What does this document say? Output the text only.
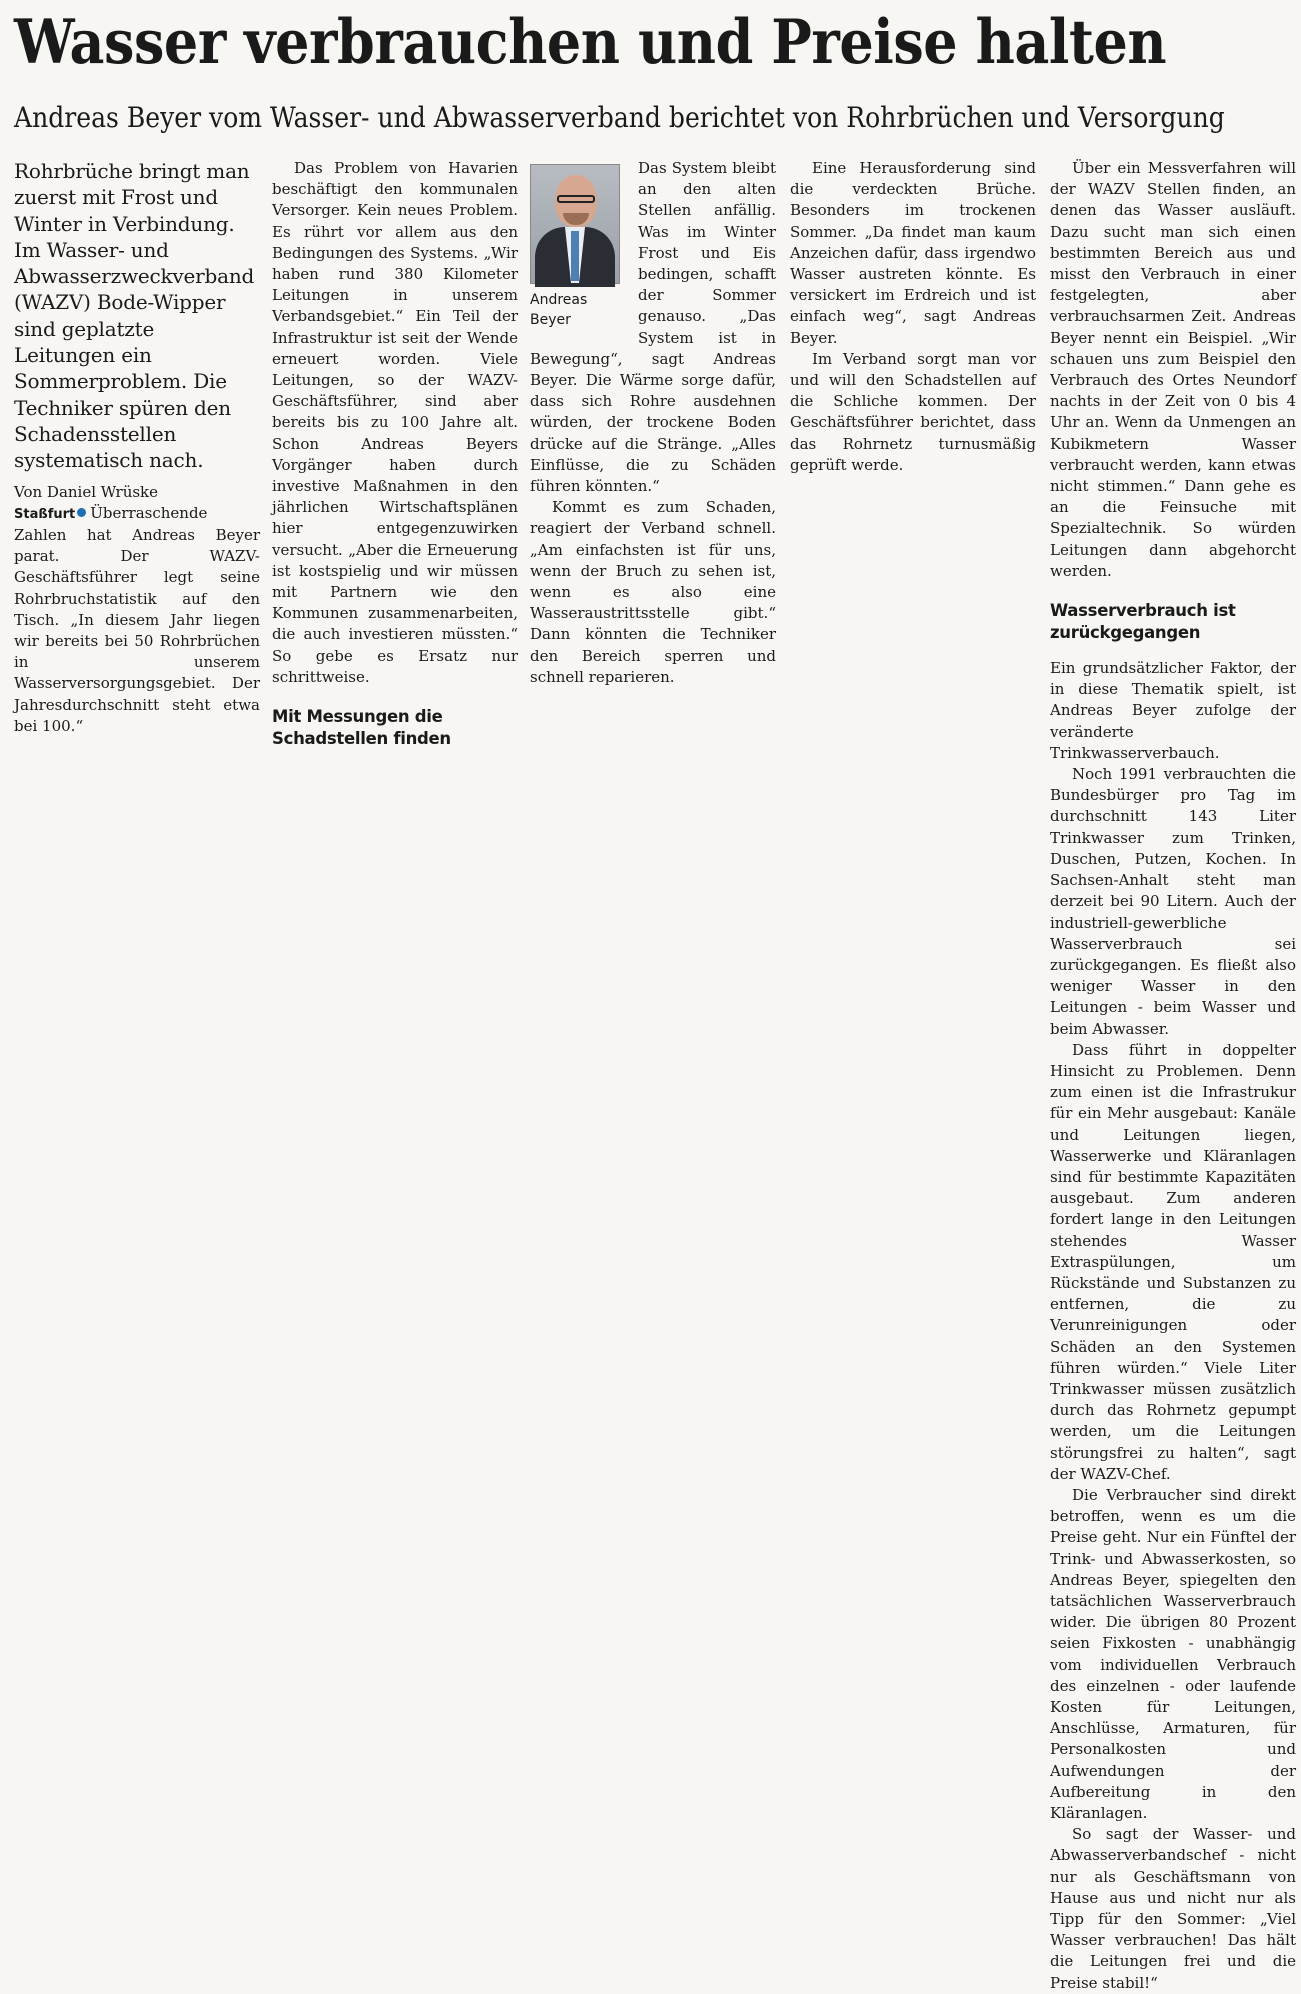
Wasser verbrauchen und Preise halten
Andreas Beyer vom Wasser- und Abwasserverband berichtet von Rohrbrüchen und Versorgung

Rohrbrüche bringt man zuerst mit Frost und Winter in Verbindung. Im Wasser- und Abwasserzweckverband (WAZV) Bode-Wipper sind geplatzte Leitungen ein Sommerproblem. Die Techniker spüren den Schadensstellen systematisch nach.

Von Daniel Wrüske

Staßfurt Überraschende Zahlen hat Andreas Beyer parat. Der WAZV-Geschäftsführer legt seine Rohrbruchstatistik auf den Tisch. „In diesem Jahr liegen wir bereits bei 50 Rohrbrüchen in unserem Wasserversorgungsgebiet. Der Jahresdurchschnitt steht etwa bei 100.“

Das Problem von Havarien beschäftigt den kommunalen Versorger. Kein neues Problem. Es rührt vor allem aus den Bedingungen des Systems. „Wir haben rund 380 Kilometer Leitungen in unserem Verbandsgebiet.“ Ein Teil der Infrastruktur ist seit der Wende erneuert worden. Viele Leitungen, so der WAZV-Geschäftsführer, sind aber bereits bis zu 100 Jahre alt. Schon Andreas Beyers Vorgänger haben durch investive Maßnahmen in den jährlichen Wirtschaftsplänen hier entgegenzuwirken versucht. „Aber die Erneuerung ist kostspielig und wir müssen mit Partnern wie den Kommunen zusammenarbeiten, die auch investieren müssten.“ So gebe es Ersatz nur schrittweise.

Mit Messungen die Schadstellen finden

Andreas
Beyer

Das System bleibt an den alten Stellen anfällig. Was im Winter Frost und Eis bedingen, schafft der Sommer genauso. „Das System ist in Bewegung“, sagt Andreas Beyer. Die Wärme sorge dafür, dass sich Rohre ausdehnen würden, der trockene Boden drücke auf die Stränge. „Alles Einflüsse, die zu Schäden führen könnten.“

Kommt es zum Schaden, reagiert der Verband schnell. „Am einfachsten ist für uns, wenn der Bruch zu sehen ist, wenn es also eine Wasseraustrittsstelle gibt.“ Dann könnten die Techniker den Bereich sperren und schnell reparieren.

Eine Herausforderung sind die verdeckten Brüche. Besonders im trockenen Sommer. „Da findet man kaum Anzeichen dafür, dass irgendwo Wasser austreten könnte. Es versickert im Erdreich und ist einfach weg“, sagt Andreas Beyer.

Im Verband sorgt man vor und will den Schadstellen auf die Schliche kommen. Der Geschäftsführer berichtet, dass das Rohrnetz turnusmäßig geprüft werde.

Über ein Messverfahren will der WAZV Stellen finden, an denen das Wasser ausläuft. Dazu sucht man sich einen bestimmten Bereich aus und misst den Verbrauch in einer festgelegten, aber verbrauchsarmen Zeit. Andreas Beyer nennt ein Beispiel. „Wir schauen uns zum Beispiel den Verbrauch des Ortes Neundorf nachts in der Zeit von 0 bis 4 Uhr an. Wenn da Unmengen an Kubikmetern Wasser verbraucht werden, kann etwas nicht stimmen.“ Dann gehe es an die Feinsuche mit Spezialtechnik. So würden Leitungen dann abgehorcht werden.

Wasserverbrauch ist zurückgegangen

Ein grundsätzlicher Faktor, der in diese Thematik spielt, ist Andreas Beyer zufolge der veränderte Trinkwasserverbauch.

Noch 1991 verbrauchten die Bundesbürger pro Tag im durchschnitt 143 Liter Trinkwasser zum Trinken, Duschen, Putzen, Kochen. In Sachsen-Anhalt steht man derzeit bei 90 Litern. Auch der industriell-gewerbliche Wasserverbrauch sei zurückgegangen. Es fließt also weniger Wasser in den Leitungen - beim Wasser und beim Abwasser.

Dass führt in doppelter Hinsicht zu Problemen. Denn zum einen ist die Infrastrukur für ein Mehr ausgebaut: Kanäle und Leitungen liegen, Wasserwerke und Kläranlagen sind für bestimmte Kapazitäten ausgebaut. Zum anderen fordert lange in den Leitungen stehendes Wasser Extraspülungen, um Rückstände und Substanzen zu entfernen, die zu Verunreinigungen oder Schäden an den Systemen führen würden.“ Viele Liter Trinkwasser müssen zusätzlich durch das Rohrnetz gepumpt werden, um die Leitungen störungsfrei zu halten“, sagt der WAZV-Chef.

Die Verbraucher sind direkt betroffen, wenn es um die Preise geht. Nur ein Fünftel der Trink- und Abwasserkosten, so Andreas Beyer, spiegelten den tatsächlichen Wasserverbrauch wider. Die übrigen 80 Prozent seien Fixkosten - unabhängig vom individuellen Verbrauch des einzelnen - oder laufende Kosten für Leitungen, Anschlüsse, Armaturen, für Personalkosten und Aufwendungen der Aufbereitung in den Kläranlagen.

So sagt der Wasser- und Abwasserverbandschef - nicht nur als Geschäftsmann von Hause aus und nicht nur als Tipp für den Sommer: „Viel Wasser verbrauchen! Das hält die Leitungen frei und die Preise stabil!“
